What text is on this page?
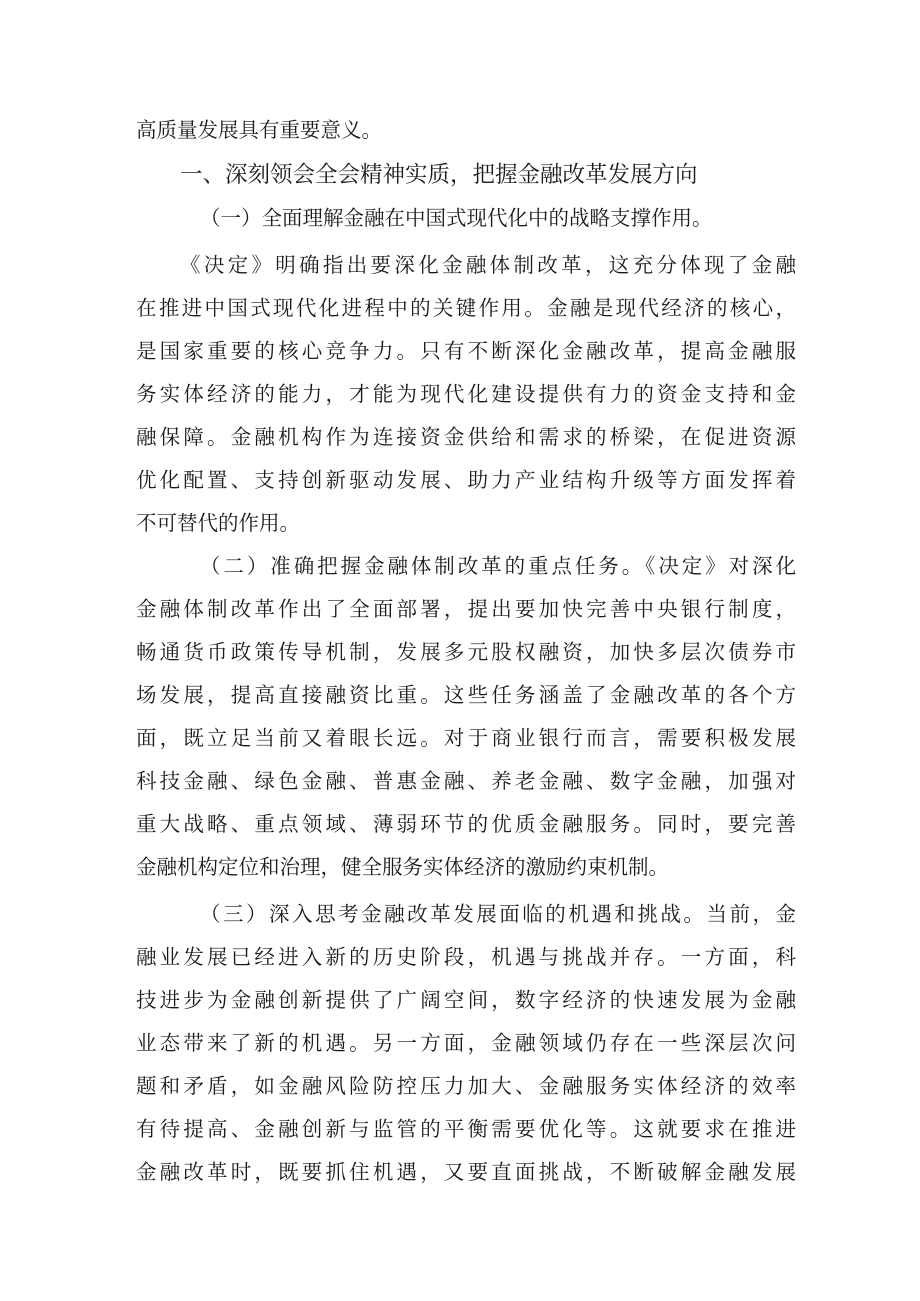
高质量发展具有重要意义。
一、深刻领会全会精神实质，把握金融改革发展方向
（一）全面理解金融在中国式现代化中的战略支撑作用。
《决定》明确指出要深化金融体制改革，这充分体现了金融
在推进中国式现代化进程中的关键作用。金融是现代经济的核心，
是国家重要的核心竞争力。只有不断深化金融改革，提高金融服
务实体经济的能力，才能为现代化建设提供有力的资金支持和金
融保障。金融机构作为连接资金供给和需求的桥梁，在促进资源
优化配置、支持创新驱动发展、助力产业结构升级等方面发挥着
不可替代的作用。
（二）准确把握金融体制改革的重点任务。《决定》对深化
金融体制改革作出了全面部署，提出要加快完善中央银行制度，
畅通货币政策传导机制，发展多元股权融资，加快多层次债券市
场发展，提高直接融资比重。这些任务涵盖了金融改革的各个方
面，既立足当前又着眼长远。对于商业银行而言，需要积极发展
科技金融、绿色金融、普惠金融、养老金融、数字金融，加强对
重大战略、重点领域、薄弱环节的优质金融服务。同时，要完善
金融机构定位和治理，健全服务实体经济的激励约束机制。
（三）深入思考金融改革发展面临的机遇和挑战。当前，金
融业发展已经进入新的历史阶段，机遇与挑战并存。一方面，科
技进步为金融创新提供了广阔空间，数字经济的快速发展为金融
业态带来了新的机遇。另一方面，金融领域仍存在一些深层次问
题和矛盾，如金融风险防控压力加大、金融服务实体经济的效率
有待提高、金融创新与监管的平衡需要优化等。这就要求在推进
金融改革时，既要抓住机遇，又要直面挑战，不断破解金融发展
